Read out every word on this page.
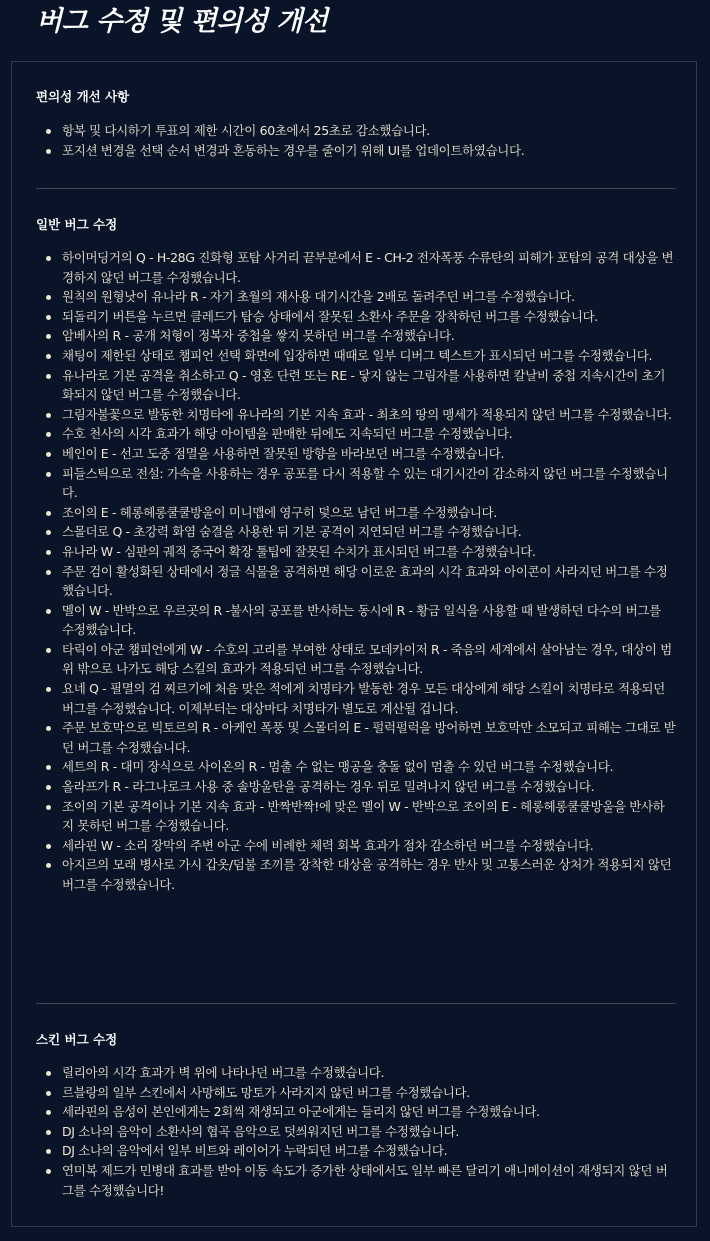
버그 수정 및 편의성 개선
편의성 개선 사항
항복 및 다시하기 투표의 제한 시간이 60초에서 25초로 감소했습니다.
포지션 변경을 선택 순서 변경과 혼동하는 경우를 줄이기 위해 UI를 업데이트하였습니다.
일반 버그 수정
하이머딩거의 Q - H-28G 진화형 포탑 사거리 끝부분에서 E - CH-2 전자폭풍 수류탄의 피해가 포탑의 공격 대상을 변경하지 않던 버그를 수정했습니다.
원칙의 원형낫이 유나라 R - 자기 초월의 재사용 대기시간을 2배로 돌려주던 버그를 수정했습니다.
되돌리기 버튼을 누르면 클레드가 탑승 상태에서 잘못된 소환사 주문을 장착하던 버그를 수정했습니다.
암베사의 R - 공개 처형이 정복자 중첩을 쌓지 못하던 버그를 수정했습니다.
채팅이 제한된 상태로 챔피언 선택 화면에 입장하면 때때로 일부 디버그 텍스트가 표시되던 버그를 수정했습니다.
유나라로 기본 공격을 취소하고 Q - 영혼 단련 또는 RE - 닿지 않는 그림자를 사용하면 칼날비 중첩 지속시간이 초기화되지 않던 버그를 수정했습니다.
그림자불꽃으로 발동한 치명타에 유나라의 기본 지속 효과 - 최초의 땅의 맹세가 적용되지 않던 버그를 수정했습니다.
수호 천사의 시각 효과가 해당 아이템을 판매한 뒤에도 지속되던 버그를 수정했습니다.
베인이 E - 선고 도중 점멸을 사용하면 잘못된 방향을 바라보던 버그를 수정했습니다.
피들스틱으로 전설: 가속을 사용하는 경우 공포를 다시 적용할 수 있는 대기시간이 감소하지 않던 버그를 수정했습니다.
조이의 E - 헤롱헤롱쿨쿨방울이 미니맵에 영구히 덫으로 남던 버그를 수정했습니다.
스몰더로 Q - 초강력 화염 숨결을 사용한 뒤 기본 공격이 지연되던 버그를 수정했습니다.
유나라 W - 심판의 궤적 중국어 확장 툴팁에 잘못된 수치가 표시되던 버그를 수정했습니다.
주문 검이 활성화된 상태에서 정글 식물을 공격하면 해당 이로운 효과의 시각 효과와 아이콘이 사라지던 버그를 수정했습니다.
멜이 W - 반박으로 우르곳의 R -불사의 공포를 반사하는 동시에 R - 황금 일식을 사용할 때 발생하던 다수의 버그를 수정했습니다.
타릭이 아군 챔피언에게 W - 수호의 고리를 부여한 상태로 모데카이저 R - 죽음의 세계에서 살아남는 경우, 대상이 범위 밖으로 나가도 해당 스킬의 효과가 적용되던 버그를 수정했습니다.
요네 Q - 필멸의 검 찌르기에 처음 맞은 적에게 치명타가 발동한 경우 모든 대상에게 해당 스킬이 치명타로 적용되던 버그를 수정했습니다. 이제부터는 대상마다 치명타가 별도로 계산될 겁니다.
주문 보호막으로 빅토르의 R - 아케인 폭풍 및 스몰더의 E - 펄럭펄럭을 방어하면 보호막만 소모되고 피해는 그대로 받던 버그를 수정했습니다.
세트의 R - 대미 장식으로 사이온의 R - 멈출 수 없는 맹공을 충돌 없이 멈출 수 있던 버그를 수정했습니다.
올라프가 R - 라그나로크 사용 중 솔방울탄을 공격하는 경우 뒤로 밀려나지 않던 버그를 수정했습니다.
조이의 기본 공격이나 기본 지속 효과 - 반짝반짝!에 맞은 멜이 W - 반박으로 조이의 E - 헤롱헤롱쿨쿨방울을 반사하지 못하던 버그를 수정했습니다.
세라핀 W - 소리 장막의 주변 아군 수에 비례한 체력 회복 효과가 점차 감소하던 버그를 수정했습니다.
아지르의 모래 병사로 가시 갑옷/덤불 조끼를 장착한 대상을 공격하는 경우 반사 및 고통스러운 상처가 적용되지 않던 버그를 수정했습니다.
스킨 버그 수정
릴리아의 시각 효과가 벽 위에 나타나던 버그를 수정했습니다.
르블랑의 일부 스킨에서 사망해도 망토가 사라지지 않던 버그를 수정했습니다.
세라핀의 음성이 본인에게는 2회씩 재생되고 아군에게는 들리지 않던 버그를 수정했습니다.
DJ 소나의 음악이 소환사의 협곡 음악으로 덧씌워지던 버그를 수정했습니다.
DJ 소나의 음악에서 일부 비트와 레이어가 누락되던 버그를 수정했습니다.
연미복 제드가 민병대 효과를 받아 이동 속도가 증가한 상태에서도 일부 빠른 달리기 애니메이션이 재생되지 않던 버그를 수정했습니다!
